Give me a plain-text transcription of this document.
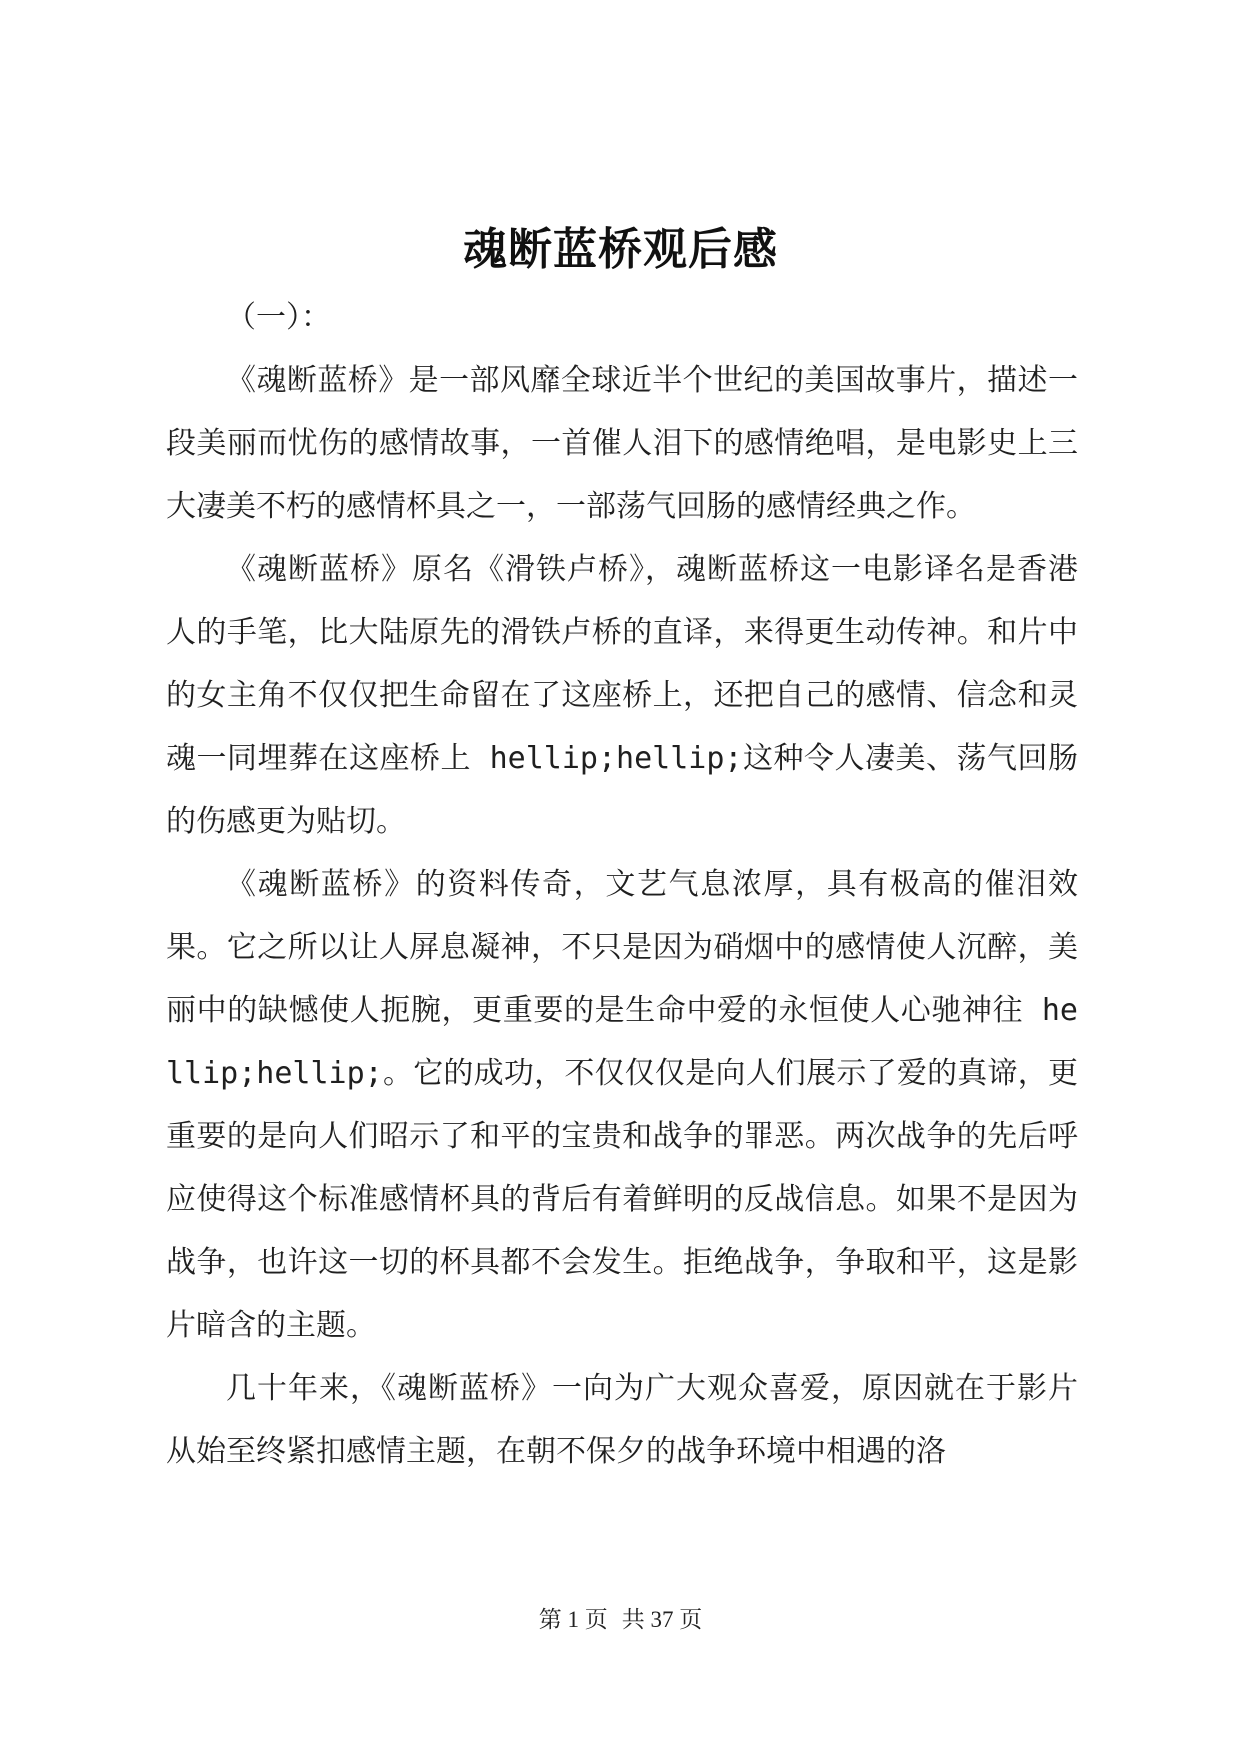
魂断蓝桥观后感

（一）：

《魂断蓝桥》是一部风靡全球近半个世纪的美国故事片，描述一段美丽而忧伤的感情故事，一首催人泪下的感情绝唱，是电影史上三大凄美不朽的感情杯具之一，一部荡气回肠的感情经典之作。

《魂断蓝桥》原名《滑铁卢桥》，魂断蓝桥这一电影译名是香港人的手笔，比大陆原先的滑铁卢桥的直译，来得更生动传神。和片中的女主角不仅仅把生命留在了这座桥上，还把自己的感情、信念和灵魂一同埋葬在这座桥上 hellip;hellip;这种令人凄美、荡气回肠的伤感更为贴切。

《魂断蓝桥》的资料传奇，文艺气息浓厚，具有极高的催泪效果。它之所以让人屏息凝神，不只是因为硝烟中的感情使人沉醉，美丽中的缺憾使人扼腕，更重要的是生命中爱的永恒使人心驰神往 hellip;hellip;。它的成功，不仅仅仅是向人们展示了爱的真谛，更重要的是向人们昭示了和平的宝贵和战争的罪恶。两次战争的先后呼应使得这个标准感情杯具的背后有着鲜明的反战信息。如果不是因为战争，也许这一切的杯具都不会发生。拒绝战争，争取和平，这是影片暗含的主题。

几十年来，《魂断蓝桥》一向为广大观众喜爱，原因就在于影片从始至终紧扣感情主题，在朝不保夕的战争环境中相遇的洛

第 1 页 共 37 页
